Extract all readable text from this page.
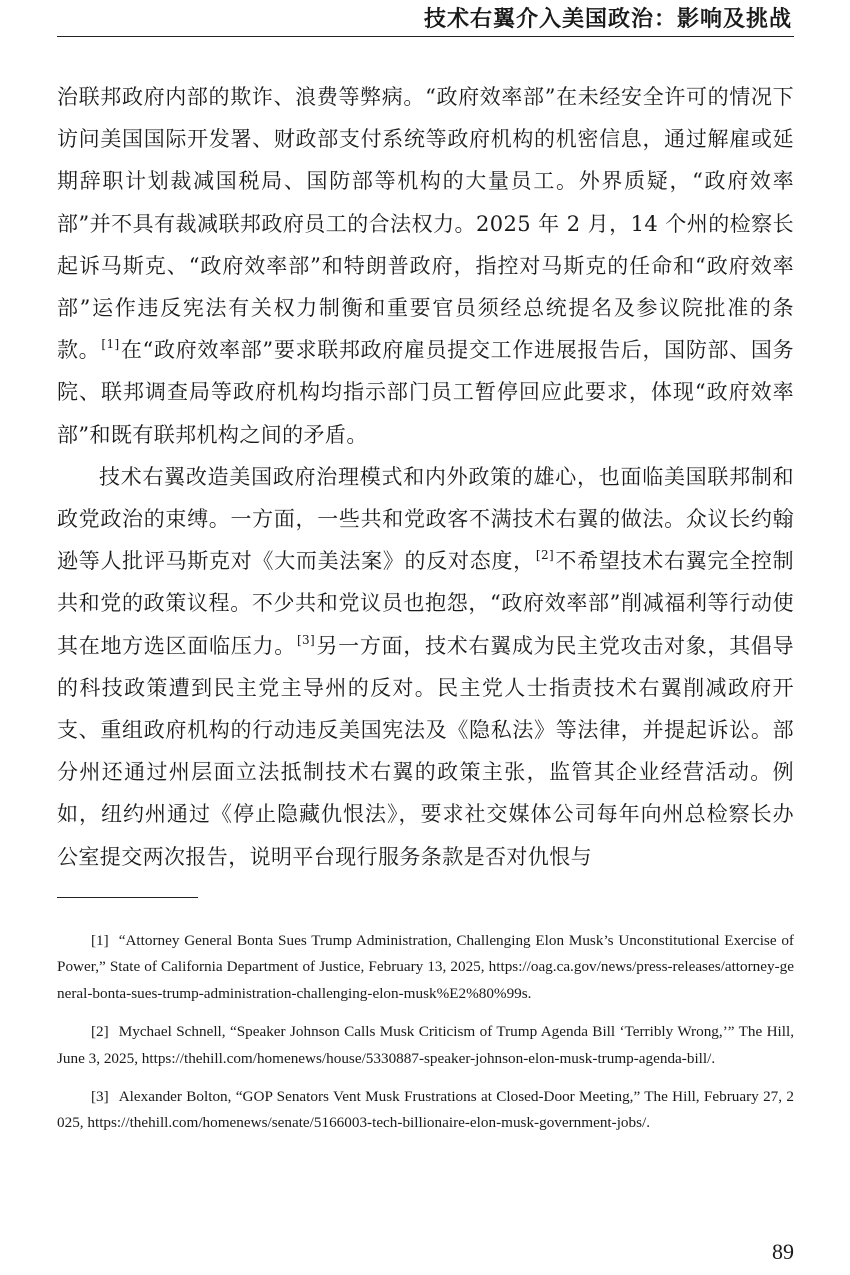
技术右翼介入美国政治：影响及挑战

治联邦政府内部的欺诈、浪费等弊病。“政府效率部”在未经安全许可的情况下访问美国国际开发署、财政部支付系统等政府机构的机密信息，通过解雇或延期辞职计划裁减国税局、国防部等机构的大量员工。外界质疑，“政府效率部”并不具有裁减联邦政府员工的合法权力。2025 年 2 月，14 个州的检察长起诉马斯克、“政府效率部”和特朗普政府，指控对马斯克的任命和“政府效率部”运作违反宪法有关权力制衡和重要官员须经总统提名及参议院批准的条款。[1]在“政府效率部”要求联邦政府雇员提交工作进展报告后，国防部、国务院、联邦调查局等政府机构均指示部门员工暂停回应此要求，体现“政府效率部”和既有联邦机构之间的矛盾。

技术右翼改造美国政府治理模式和内外政策的雄心，也面临美国联邦制和政党政治的束缚。一方面，一些共和党政客不满技术右翼的做法。众议长约翰逊等人批评马斯克对《大而美法案》的反对态度，[2]不希望技术右翼完全控制共和党的政策议程。不少共和党议员也抱怨，“政府效率部”削减福利等行动使其在地方选区面临压力。[3]另一方面，技术右翼成为民主党攻击对象，其倡导的科技政策遭到民主党主导州的反对。民主党人士指责技术右翼削减政府开支、重组政府机构的行动违反美国宪法及《隐私法》等法律，并提起诉讼。部分州还通过州层面立法抵制技术右翼的政策主张，监管其企业经营活动。例如，纽约州通过《停止隐藏仇恨法》，要求社交媒体公司每年向州总检察长办公室提交两次报告，说明平台现行服务条款是否对仇恨与

[1] “Attorney General Bonta Sues Trump Administration, Challenging Elon Musk’s Unconstitutional Exercise of Power,” State of California Department of Justice, February 13, 2025, https://oag.ca.gov/news/press-releases/attorney-general-bonta-sues-trump-administration-challenging-elon-musk%E2%80%99s.

[2] Mychael Schnell, “Speaker Johnson Calls Musk Criticism of Trump Agenda Bill ‘Terribly Wrong,’” The Hill, June 3, 2025, https://thehill.com/homenews/house/5330887-speaker-johnson-elon-musk-trump-agenda-bill/.

[3] Alexander Bolton, “GOP Senators Vent Musk Frustrations at Closed-Door Meeting,” The Hill, February 27, 2025, https://thehill.com/homenews/senate/5166003-tech-billionaire-elon-musk-government-jobs/.

89
